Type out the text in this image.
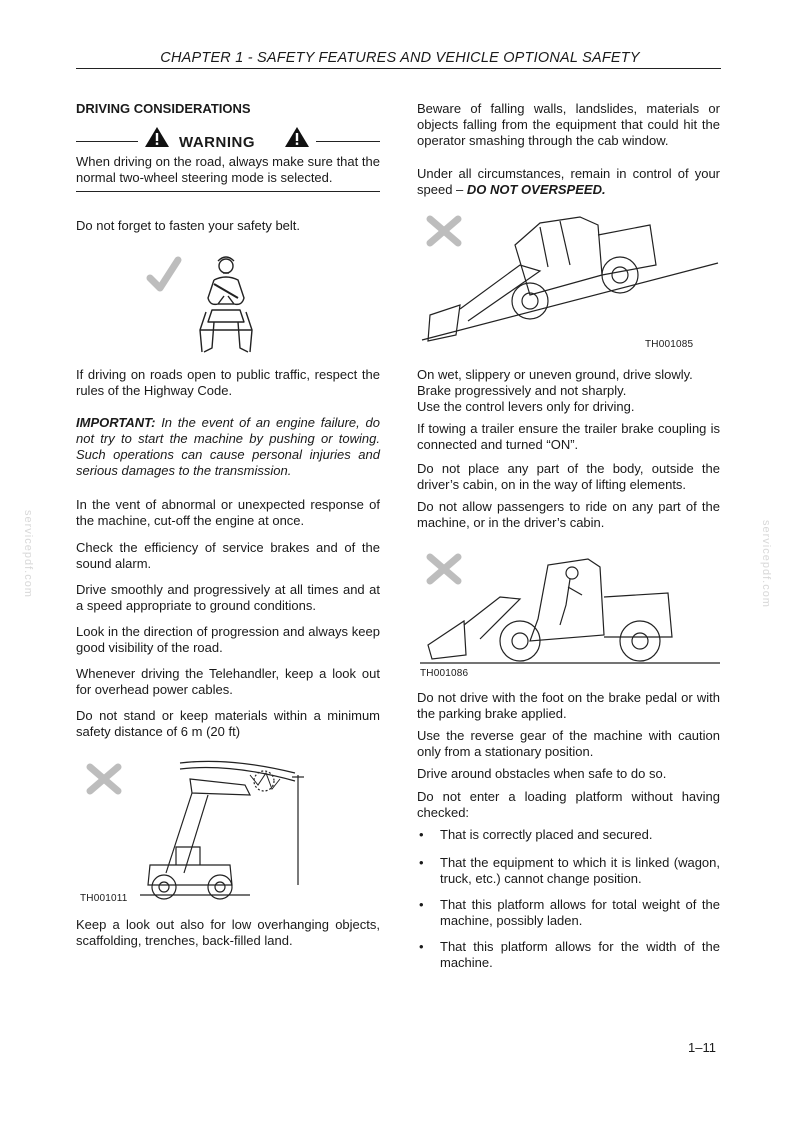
CHAPTER 1 - SAFETY FEATURES AND VEHICLE OPTIONAL SAFETY
servicepdf.com	servicepdf.com
DRIVING CONSIDERATIONS
WARNING
When driving on the road, always make sure that the normal two-wheel steering mode is selected.
Do not forget to fasten your safety belt.
If driving on roads open to public traffic, respect the rules of the Highway Code.
IMPORTANT: In the event of an engine failure, do not try to start the machine by pushing or towing. Such operations can cause personal injuries and serious damages to the transmission.
In the vent of abnormal or unexpected response of the machine, cut-off the engine at once.
Check the efficiency of service brakes and of the sound alarm.
Drive smoothly and progressively at all times and at a speed appropriate to ground conditions.
Look in the direction of progression and always keep good visibility of the road.
Whenever driving the Telehandler, keep a look out for overhead power cables.
Do not stand or keep materials within a minimum safety distance of 6 m (20 ft)
TH001011
Keep a look out also for low overhanging objects, scaffolding, trenches, back-filled land.
Beware of falling walls, landslides, materials or objects falling from the equipment that could hit the operator smashing through the cab window.
Under all circumstances, remain in control of your speed – DO NOT OVERSPEED.
TH001085
On wet, slippery or uneven ground, drive slowly.
Brake progressively and not sharply.
Use the control levers only for driving.
If towing a trailer ensure the trailer brake coupling is connected and turned “ON”.
Do not place any part of the body, outside the driver’s cabin, on in the way of lifting elements.
Do not allow passengers to ride on any part of the machine, or in the driver’s cabin.
TH001086
Do not drive with the foot on the brake pedal or with the parking brake applied.
Use the reverse gear of the machine with caution only from a stationary position.
Drive around obstacles when safe to do so.
Do not enter a loading platform without having checked:
• That is correctly placed and secured.
• That the equipment to which it is linked (wagon, truck, etc.) cannot change position.
• That this platform allows for total weight of the machine, possibly laden.
• That this platform allows for the width of the machine.
1–11
